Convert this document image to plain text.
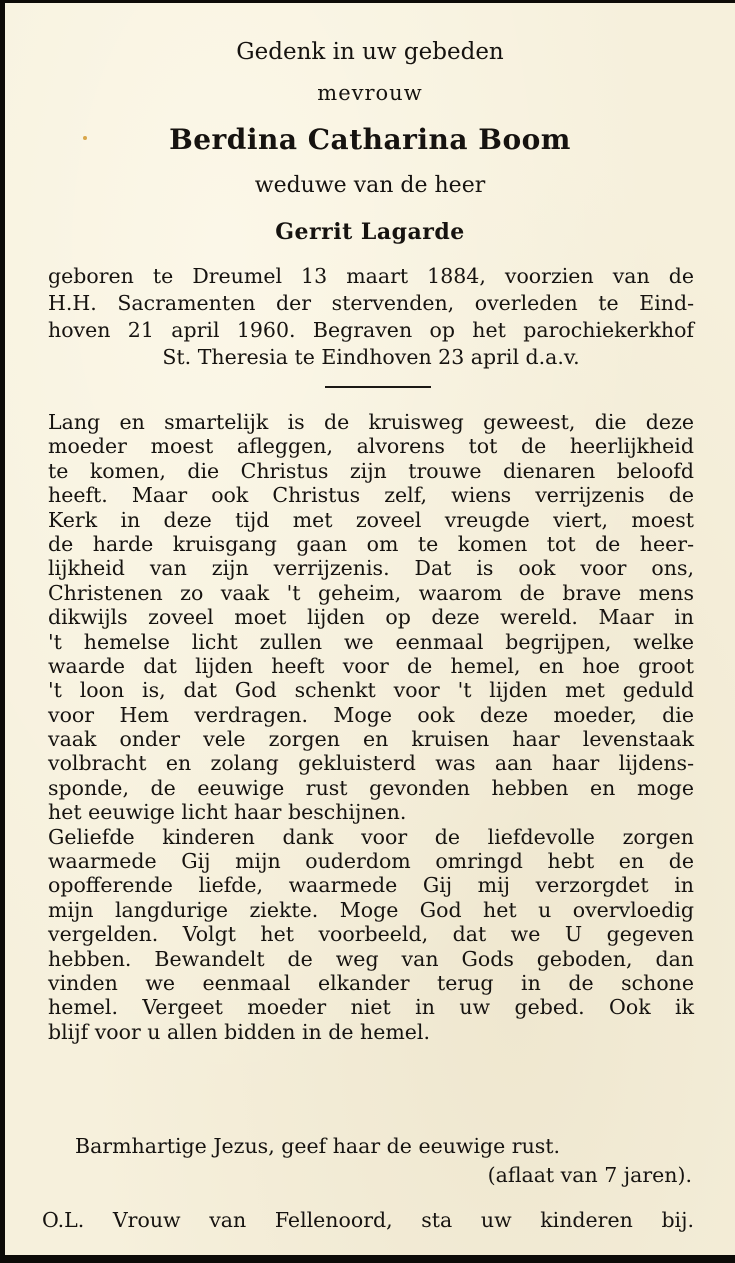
Gedenk in uw gebeden
mevrouw
Berdina Catharina Boom
weduwe van de heer
Gerrit Lagarde
geboren te Dreumel 13 maart 1884, voorzien van de
H.H. Sacramenten der stervenden, overleden te Eind-
hoven 21 april 1960. Begraven op het parochiekerkhof
St. Theresia te Eindhoven 23 april d.a.v.
Lang en smartelijk is de kruisweg geweest, die deze
moeder moest afleggen, alvorens tot de heerlijkheid
te komen, die Christus zijn trouwe dienaren beloofd
heeft. Maar ook Christus zelf, wiens verrijzenis de
Kerk in deze tijd met zoveel vreugde viert, moest
de harde kruisgang gaan om te komen tot de heer-
lijkheid van zijn verrijzenis. Dat is ook voor ons,
Christenen zo vaak 't geheim, waarom de brave mens
dikwijls zoveel moet lijden op deze wereld. Maar in
't hemelse licht zullen we eenmaal begrijpen, welke
waarde dat lijden heeft voor de hemel, en hoe groot
't loon is, dat God schenkt voor 't lijden met geduld
voor Hem verdragen. Moge ook deze moeder, die
vaak onder vele zorgen en kruisen haar levenstaak
volbracht en zolang gekluisterd was aan haar lijdens-
sponde, de eeuwige rust gevonden hebben en moge
het eeuwige licht haar beschijnen.
Geliefde kinderen dank voor de liefdevolle zorgen
waarmede Gij mijn ouderdom omringd hebt en de
opofferende liefde, waarmede Gij mij verzorgdet in
mijn langdurige ziekte. Moge God het u overvloedig
vergelden. Volgt het voorbeeld, dat we U gegeven
hebben. Bewandelt de weg van Gods geboden, dan
vinden we eenmaal elkander terug in de schone
hemel. Vergeet moeder niet in uw gebed. Ook ik
blijf voor u allen bidden in de hemel.
Barmhartige Jezus, geef haar de eeuwige rust.
(aflaat van 7 jaren).
O.L. Vrouw van Fellenoord, sta uw kinderen bij.
